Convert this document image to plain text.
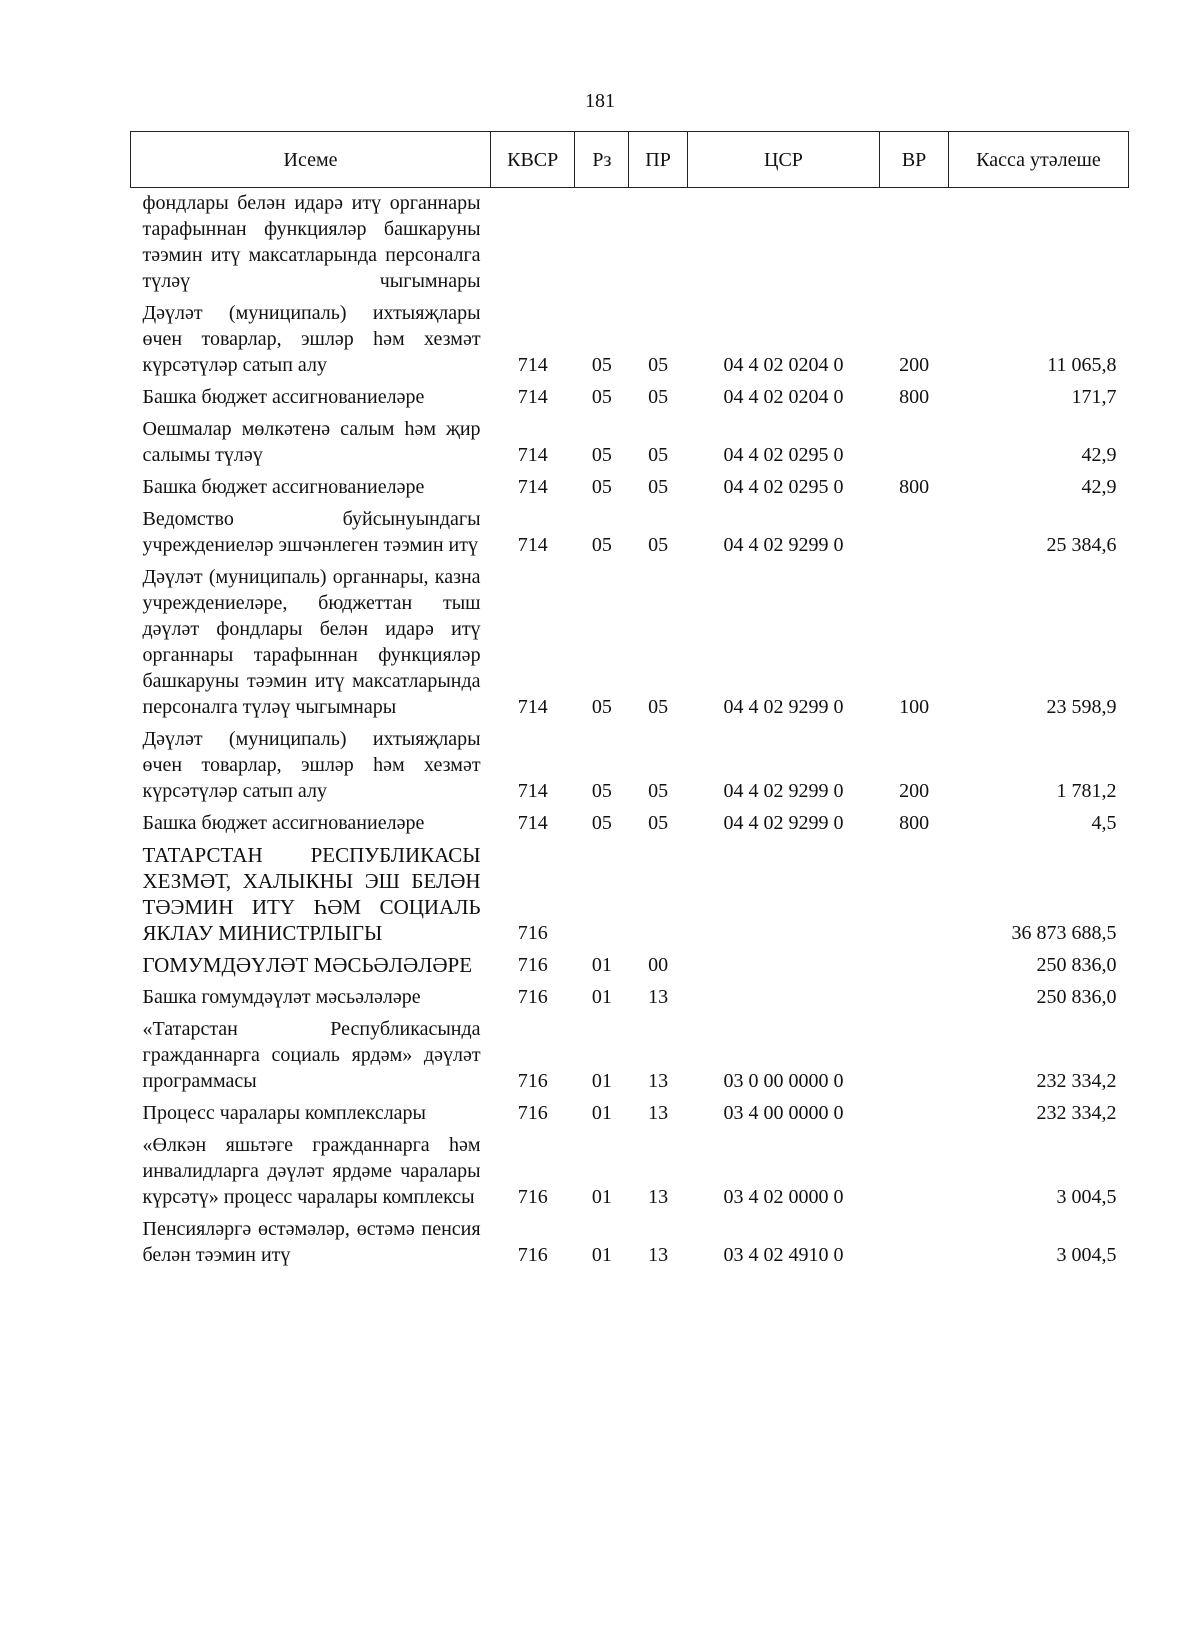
181
Исеме	КВСР	Рз	ПР	ЦСР	ВР	Касса утәлеше
фондлары белән идарә итү органнары тарафыннан функцияләр башкаруны тәэмин итү максатларында персоналга түләү чыгымнары						
Дәүләт (муниципаль) ихтыяҗлары өчен товарлар, эшләр һәм хезмәт күрсәтүләр сатып алу	714	05	05	04 4 02 0204 0	200	11 065,8
Башка бюджет ассигнованиеләре	714	05	05	04 4 02 0204 0	800	171,7
Оешмалар мөлкәтенә салым һәм җир салымы түләү	714	05	05	04 4 02 0295 0		42,9
Башка бюджет ассигнованиеләре	714	05	05	04 4 02 0295 0	800	42,9
Ведомство буйсынуындагы учреждениеләр эшчәнлеген тәэмин итү	714	05	05	04 4 02 9299 0		25 384,6
Дәүләт (муниципаль) органнары, казна учреждениеләре, бюджеттан тыш дәүләт фондлары белән идарә итү органнары тарафыннан функцияләр башкаруны тәэмин итү максатларында персоналга түләү чыгымнары	714	05	05	04 4 02 9299 0	100	23 598,9
Дәүләт (муниципаль) ихтыяҗлары өчен товарлар, эшләр һәм хезмәт күрсәтүләр сатып алу	714	05	05	04 4 02 9299 0	200	1 781,2
Башка бюджет ассигнованиеләре	714	05	05	04 4 02 9299 0	800	4,5
ТАТАРСТАН РЕСПУБЛИКАСЫ ХЕЗМӘТ, ХАЛЫКНЫ ЭШ БЕЛӘН ТӘЭМИН ИТҮ ҺӘМ СОЦИАЛЬ ЯКЛАУ МИНИСТРЛЫГЫ	716					36 873 688,5
ГОМУМДӘҮЛӘТ МӘСЬӘЛӘЛӘРЕ	716	01	00			250 836,0
Башка гомумдәүләт мәсьәләләре	716	01	13			250 836,0
«Татарстан Республикасында гражданнарга социаль ярдәм» дәүләт программасы	716	01	13	03 0 00 0000 0		232 334,2
Процесс чаралары комплекслары	716	01	13	03 4 00 0000 0		232 334,2
«Өлкән яшьтәге гражданнарга һәм инвалидларга дәүләт ярдәме чаралары күрсәтү» процесс чаралары комплексы	716	01	13	03 4 02 0000 0		3 004,5
Пенсияләргә өстәмәләр, өстәмә пенсия белән тәэмин итү	716	01	13	03 4 02 4910 0		3 004,5
